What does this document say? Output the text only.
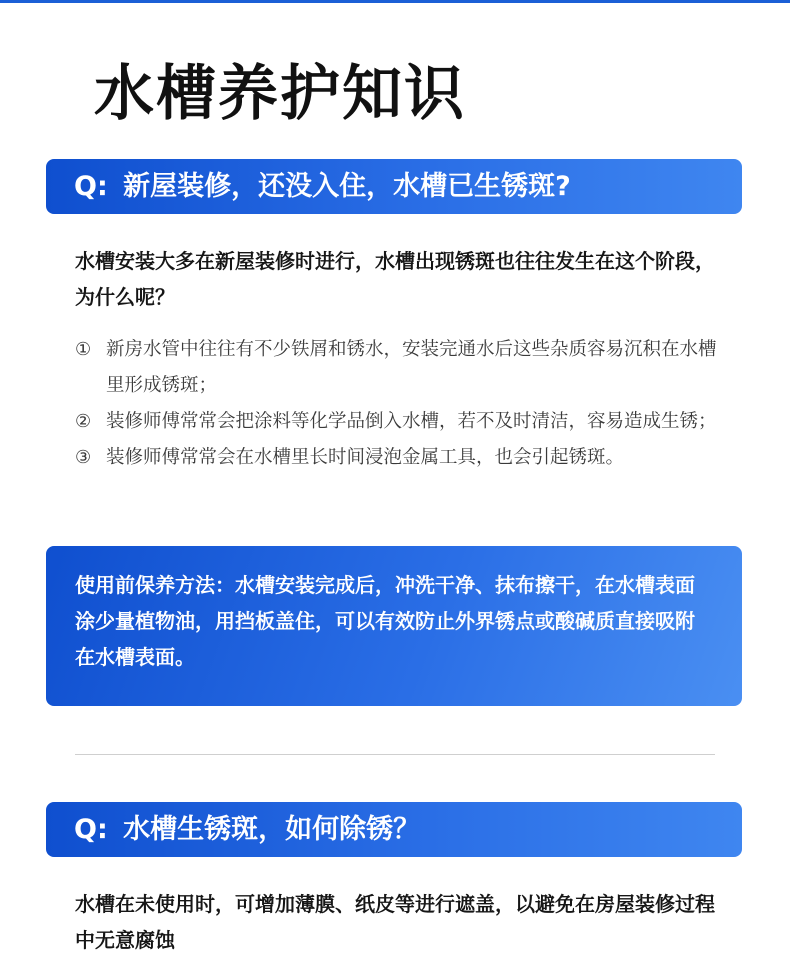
水槽养护知识
Q: 新屋装修，还没入住，水槽已生锈斑?
水槽安装大多在新屋装修时进行，水槽出现锈斑也往往发生在这个阶段，为什么呢？
① 新房水管中往往有不少铁屑和锈水，安装完通水后这些杂质容易沉积在水槽里形成锈斑；
② 装修师傅常常会把涂料等化学品倒入水槽，若不及时清洁，容易造成生锈；
③ 装修师傅常常会在水槽里长时间浸泡金属工具，也会引起锈斑。
使用前保养方法：水槽安装完成后，冲洗干净、抹布擦干，在水槽表面涂少量植物油，用挡板盖住，可以有效防止外界锈点或酸碱质直接吸附在水槽表面。
Q: 水槽生锈斑，如何除锈？
水槽在未使用时，可增加薄膜、纸皮等进行遮盖，以避免在房屋装修过程中无意腐蚀
